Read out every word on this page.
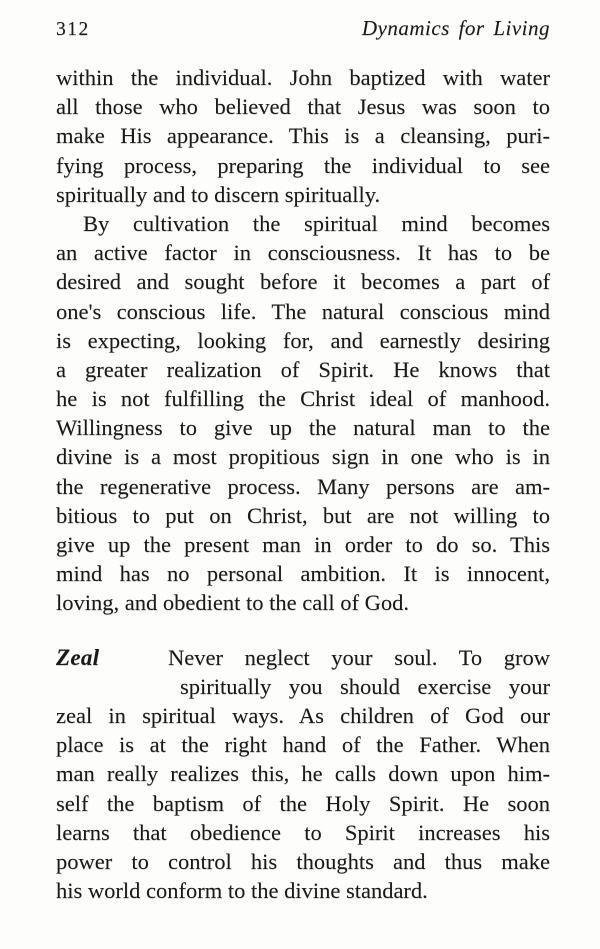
312	Dynamics for Living
within the individual. John baptized with water
all those who believed that Jesus was soon to
make His appearance. This is a cleansing, puri-
fying process, preparing the individual to see
spiritually and to discern spiritually.
By cultivation the spiritual mind becomes
an active factor in consciousness. It has to be
desired and sought before it becomes a part of
one's conscious life. The natural conscious mind
is expecting, looking for, and earnestly desiring
a greater realization of Spirit. He knows that
he is not fulfilling the Christ ideal of manhood.
Willingness to give up the natural man to the
divine is a most propitious sign in one who is in
the regenerative process. Many persons are am-
bitious to put on Christ, but are not willing to
give up the present man in order to do so. This
mind has no personal ambition. It is innocent,
loving, and obedient to the call of God.
Zeal	Never neglect your soul. To grow
spiritually you should exercise your
zeal in spiritual ways. As children of God our
place is at the right hand of the Father. When
man really realizes this, he calls down upon him-
self the baptism of the Holy Spirit. He soon
learns that obedience to Spirit increases his
power to control his thoughts and thus make
his world conform to the divine standard.
